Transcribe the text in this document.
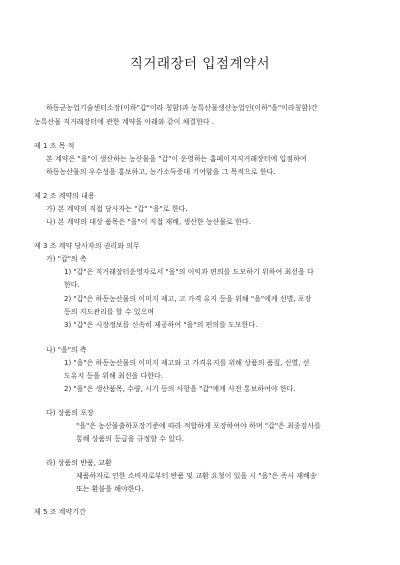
직거래장터 입점계약서
하동군농업기술센터소장(이하"갑"이라 칭함)과 농특산물생산농업인(이하"을"이라칭함)간
농특산물 직거래장터에 관한 계약을 아래와 같이 체결한다 .
제 1 조 목 적
본 계약은 "을"이 생산하는 농산물을 "갑"이 운영하는 홈페이지직거래장터에 입점하여
하동농산물의 우수성을 홍보하고, 농가소득증대 기여함을 그 목적으로 한다.
제 2 조 계약의 내용
가) 본 계약의 직접 당사자는 "갑" "을"로 한다.
나) 본 계약의 대상 품목은 "을"이 직접 재배, 생산한 농산물로 한다.
제 3 조 계약 당사자의 권리와 의무
가) "갑"의 측
1) "갑"은 직거래장터운영자로서 "을"의 이익과 편의를 도모하기 위하여 최선을 다
한다.
2) "갑"은 하동농산물의 이미지 제고, 고 가격 유지 등을 위해 "을"에게 선별, 포장
등의 지도관리를 할 수 있으며
3) "갑"은 시장정보를 신속히 제공하여 "을"의 편의를 도모한다.
나) "을"의 측
1) "을"은 하동농산물의 이미지 제고와 고 가격유지를 위해 상품의 품질, 선별, 선
도유지 등을 위해 최선을 다한다.
2) "을"은 생산품목, 수량, 시기 등의 사항을 "갑"에게 사전 통보하여야 한다.
다) 상품의 포장
"을"은 농산물출하포장기준에 따라 적합하게 포장하여야 하며 "갑"은 최종검사를
통해 상품의 등급을 규정할 수 있다.
라) 상품의 반품, 교환
제품하자로 인한 소비자로부터 반품 및 교환 요청이 있을 시 "을"은 즉시 재배송
또는 환불을 해야한다.
제 5 조 계약기간
